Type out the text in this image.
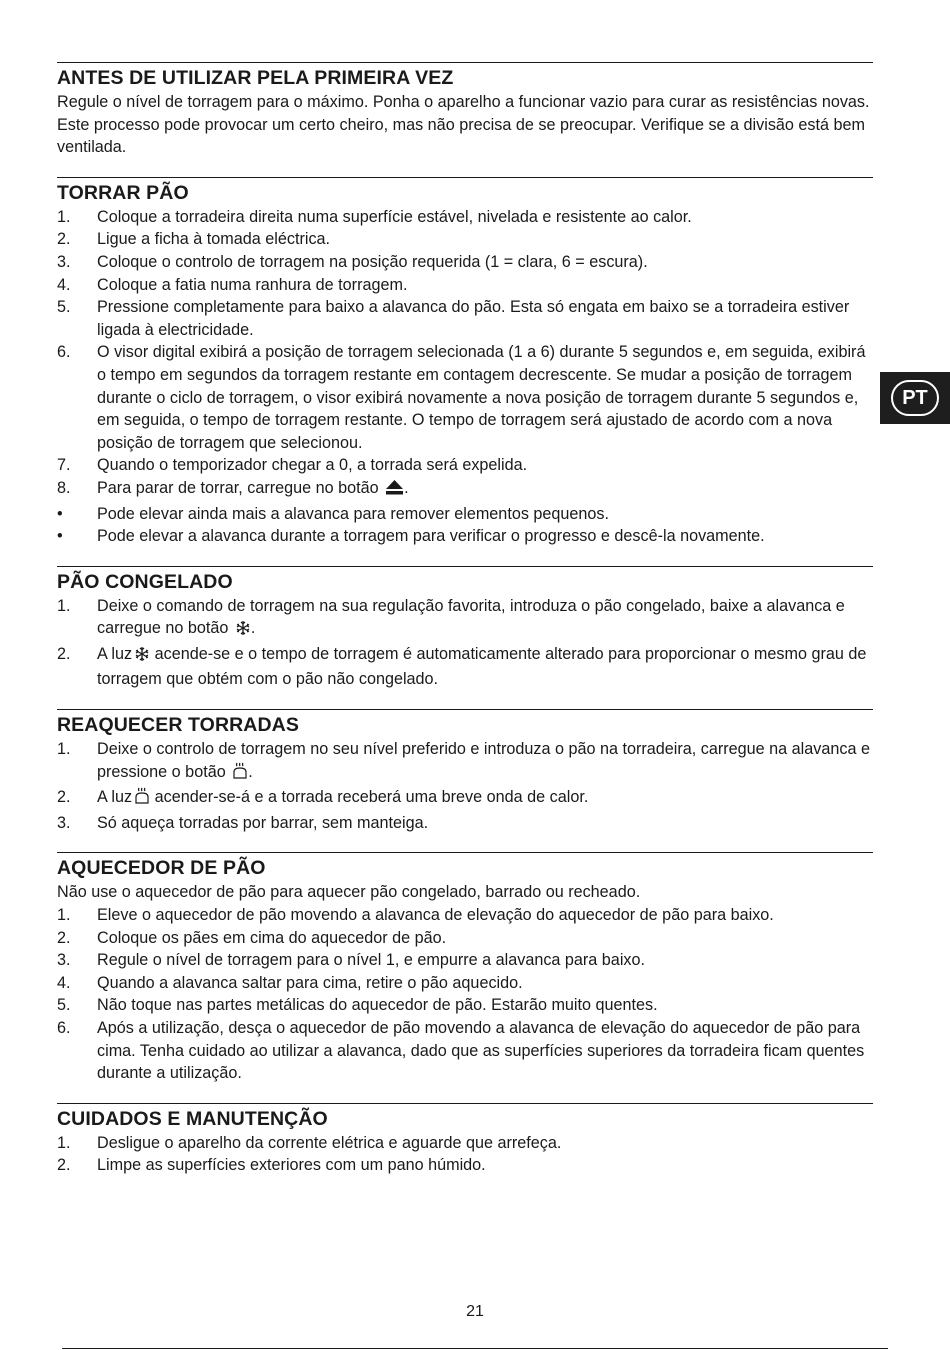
ANTES DE UTILIZAR PELA PRIMEIRA VEZ
Regule o nível de torragem para o máximo. Ponha o aparelho a funcionar vazio para curar as resistências novas. Este processo pode provocar um certo cheiro, mas não precisa de se preocupar. Verifique se a divisão está bem ventilada.
TORRAR PÃO
1.	Coloque a torradeira direita numa superfície estável, nivelada e resistente ao calor.
2.	Ligue a ficha à tomada eléctrica.
3.	Coloque o controlo de torragem na posição requerida (1 = clara, 6 = escura).
4.	Coloque a fatia numa ranhura de torragem.
5.	Pressione completamente para baixo a alavanca do pão. Esta só engata em baixo se a torradeira estiver ligada à electricidade.
6.	O visor digital exibirá a posição de torragem selecionada (1 a 6) durante 5 segundos e, em seguida, exibirá o tempo em segundos da torragem restante em contagem decrescente. Se mudar a posição de torragem durante o ciclo de torragem, o visor exibirá novamente a nova posição de torragem durante 5 segundos e, em seguida, o tempo de torragem restante. O tempo de torragem será ajustado de acordo com a nova posição de torragem que selecionou.
7.	Quando o temporizador chegar a 0, a torrada será expelida.
8.	Para parar de torrar, carregue no botão .
•	Pode elevar ainda mais a alavanca para remover elementos pequenos.
•	Pode elevar a alavanca durante a torragem para verificar o progresso e descê-la novamente.
PÃO CONGELADO
1.	Deixe o comando de torragem na sua regulação favorita, introduza o pão congelado, baixe a alavanca e carregue no botão .
2.	A luz acende-se e o tempo de torragem é automaticamente alterado para proporcionar o mesmo grau de torragem que obtém com o pão não congelado.
REAQUECER TORRADAS
1.	Deixe o controlo de torragem no seu nível preferido e introduza o pão na torradeira, carregue na alavanca e pressione o botão .
2.	A luz acender-se-á e a torrada receberá uma breve onda de calor.
3.	Só aqueça torradas por barrar, sem manteiga.
AQUECEDOR DE PÃO
Não use o aquecedor de pão para aquecer pão congelado, barrado ou recheado.
1.	Eleve o aquecedor de pão movendo a alavanca de elevação do aquecedor de pão para baixo.
2.	Coloque os pães em cima do aquecedor de pão.
3.	Regule o nível de torragem para o nível 1, e empurre a alavanca para baixo.
4.	Quando a alavanca saltar para cima, retire o pão aquecido.
5.	Não toque nas partes metálicas do aquecedor de pão. Estarão muito quentes.
6.	Após a utilização, desça o aquecedor de pão movendo a alavanca de elevação do aquecedor de pão para cima. Tenha cuidado ao utilizar a alavanca, dado que as superfícies superiores da torradeira ficam quentes durante a utilização.
CUIDADOS E MANUTENÇÃO
1.	Desligue o aparelho da corrente elétrica e aguarde que arrefeça.
2.	Limpe as superfícies exteriores com um pano húmido.
PT
21
